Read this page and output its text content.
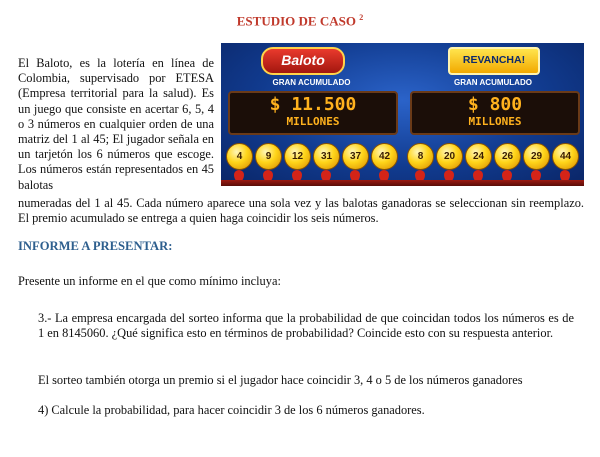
ESTUDIO DE CASO $^2$
El Baloto, es la lotería en línea de Colombia, supervisado por ETESA (Empresa territorial para la salud). Es un juego que consiste en acertar 6, 5, 4 o 3 números en cualquier orden de una matriz del 1 al 45; El jugador señala en un tarjetón los 6 números que escoge. Los números están representados en 45 balotas
Baloto
GRAN ACUMULADO
$ 11.500
MILLONES
4	9	12	31	37	42
REVANCHA!
GRAN ACUMULADO
$ 800
MILLONES
8	20	24	26	29	44
numeradas del 1 al 45. Cada número aparece una sola vez y las balotas ganadoras se seleccionan sin reemplazo. El premio acumulado se entrega a quien haga coincidir los seis números.
INFORME A PRESENTAR:
Presente un informe en el que como mínimo incluya:
3.- La empresa encargada del sorteo informa que la probabilidad de que coincidan todos los números es de 1 en 8145060. ¿Qué significa esto en términos de probabilidad? Coincide esto con su respuesta anterior.
El sorteo también otorga un premio si el jugador hace coincidir 3, 4 o 5 de los números ganadores
4) Calcule la probabilidad, para hacer coincidir 3 de los 6 números ganadores.
